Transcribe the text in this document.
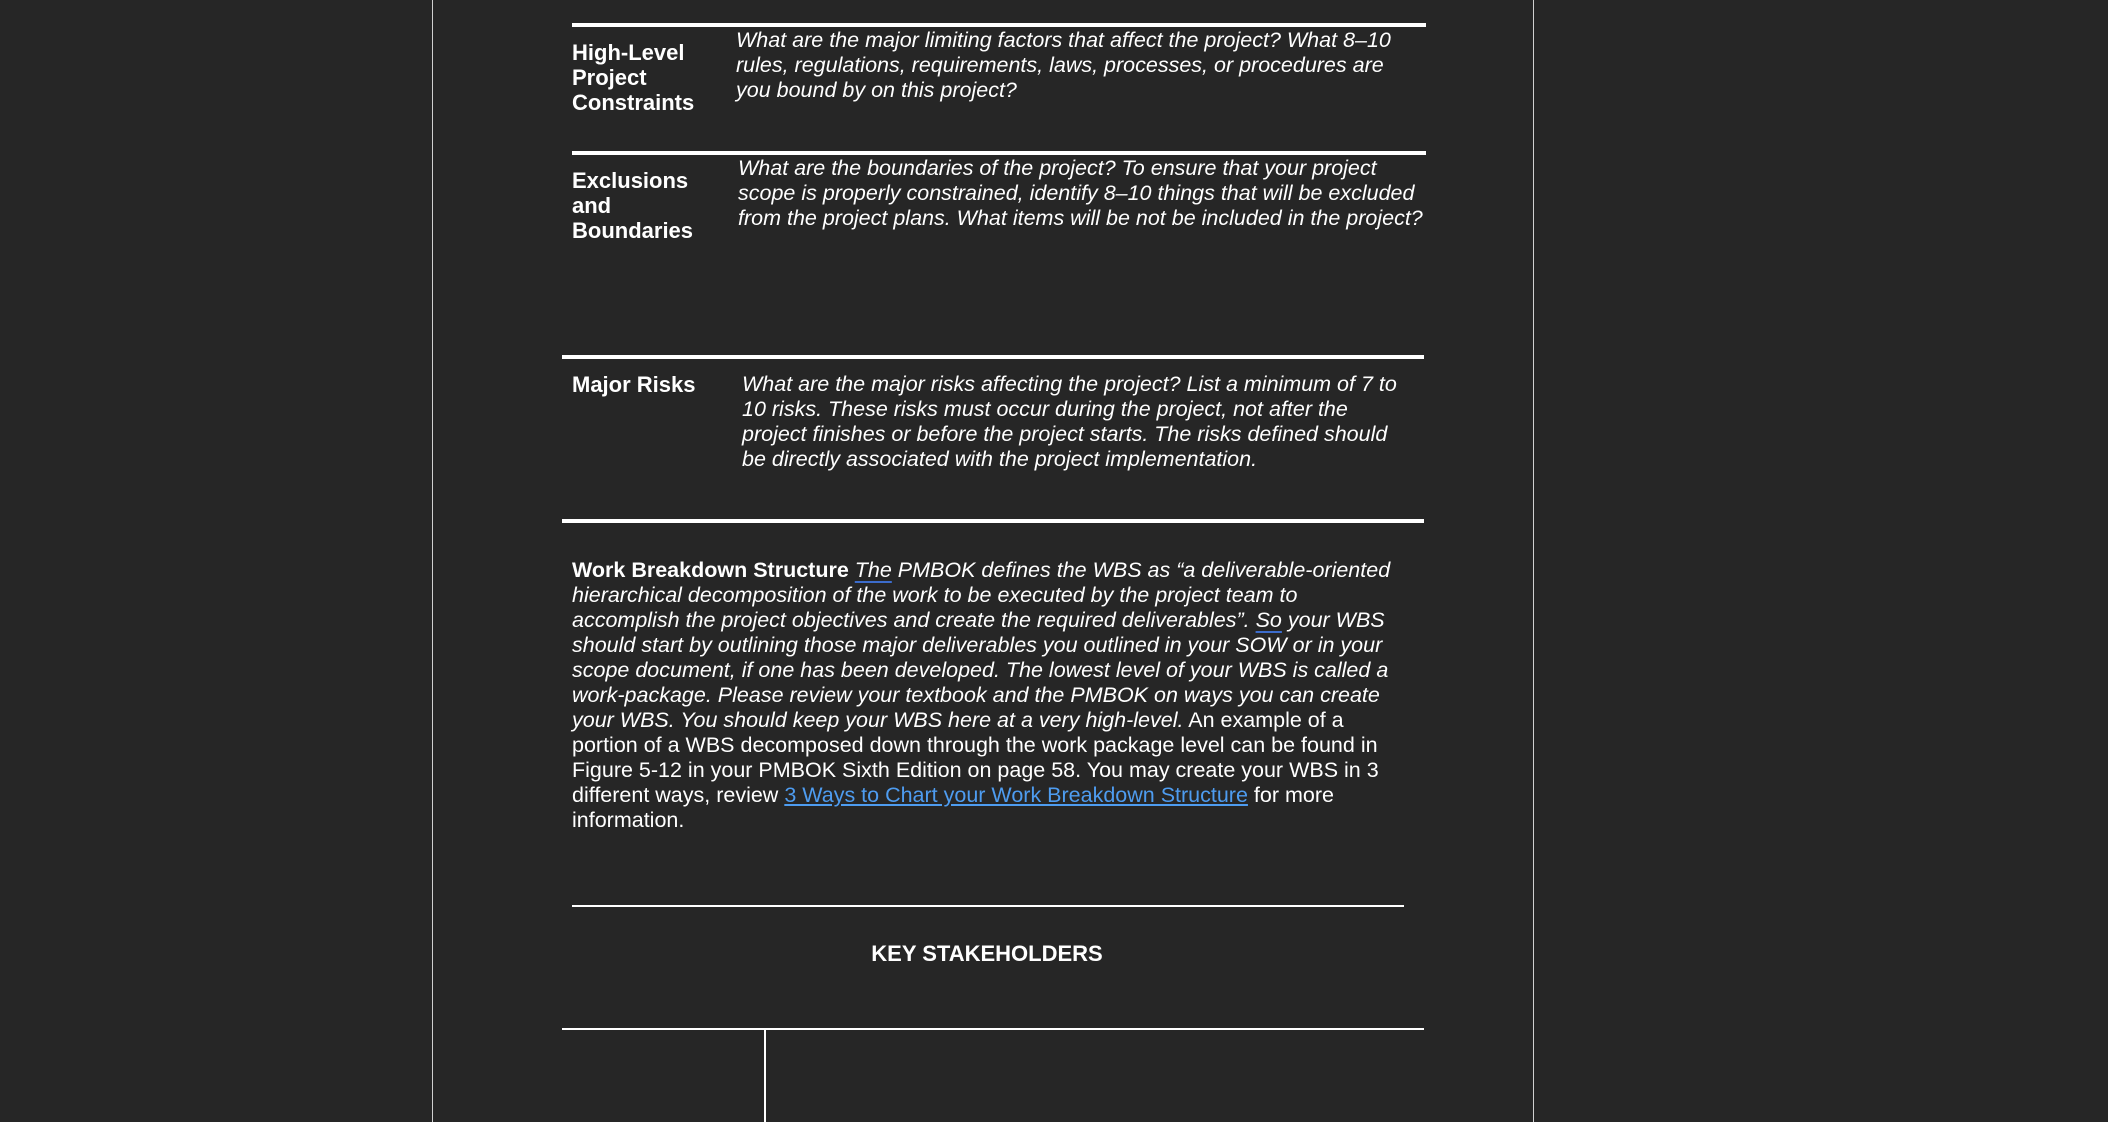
High-Level
Project
Constraints
What are the major limiting factors that affect the project? What 8–10 rules, regulations, requirements, laws, processes, or procedures are you bound by on this project?
Exclusions
and
Boundaries
What are the boundaries of the project? To ensure that your project scope is properly constrained, identify 8–10 things that will be excluded from the project plans. What items will be not be included in the project?
Major Risks	What are the major risks affecting the project? List a minimum of 7 to 10 risks. These risks must occur during the project, not after the project finishes or before the project starts. The risks defined should be directly associated with the project implementation.
Work Breakdown Structure The PMBOK defines the WBS as “a deliverable-oriented hierarchical decomposition of the work to be executed by the project team to accomplish the project objectives and create the required deliverables”. So your WBS should start by outlining those major deliverables you outlined in your SOW or in your scope document, if one has been developed. The lowest level of your WBS is called a work-package. Please review your textbook and the PMBOK on ways you can create your WBS. You should keep your WBS here at a very high-level. An example of a portion of a WBS decomposed down through the work package level can be found in Figure 5-12 in your PMBOK Sixth Edition on page 58. You may create your WBS in 3 different ways, review 3 Ways to Chart your Work Breakdown Structure for more information.
KEY STAKEHOLDERS
